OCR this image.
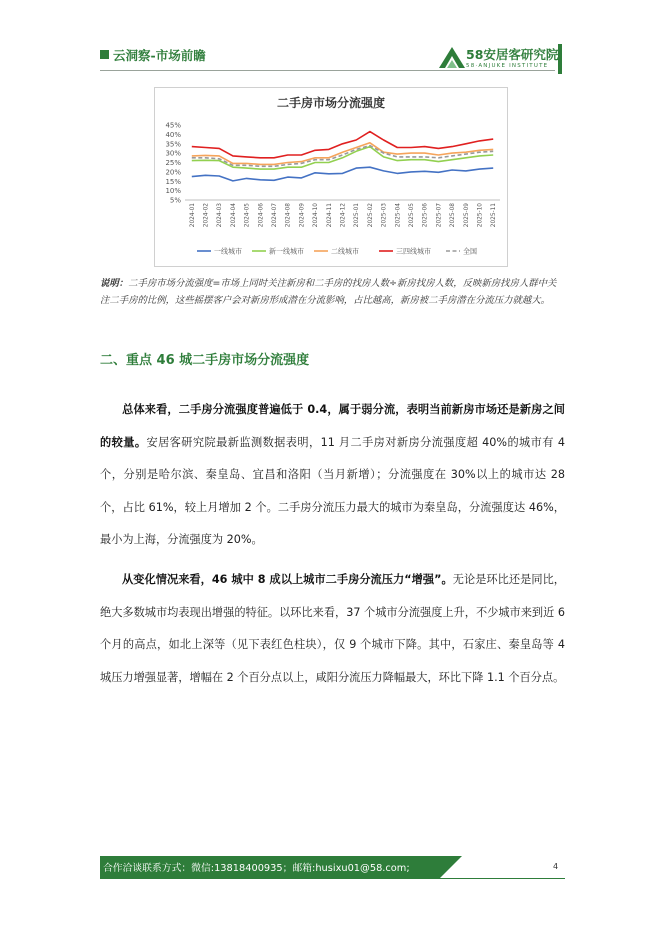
云洞察-市场前瞻	58安居客研究院
58·ANJUKE INSTITUTE
5%
10%
15%
20%
25%
30%
35%
40%
45%
2024-01 2024-02 2024-03 2024-04 2024-05 2024-06 2024-07 2024-08 2024-09 2024-10 2024-11 2024-12 2025-01 2025-02 2025-03 2025-04 2025-05 2025-06 2025-07 2025-08 2025-09 2025-10 2025-11
一线城市	新一线城市	二线城市	三四线城市	全国
二手房市场分流强度
说明：二手房市场分流强度=市场上同时关注新房和二手房的找房人数÷新房找房人数，反映新房找房人群中关注二手房的比例，这些摇摆客户会对新房形成潜在分流影响，占比越高，新房被二手房潜在分流压力就越大。
二、重点 46 城二手房市场分流强度
总体来看，二手房分流强度普遍低于 0.4，属于弱分流，表明当前新房市场还是新房之间的较量。安居客研究院最新监测数据表明，11 月二手房对新房分流强度超 40%的城市有 4 个，分别是哈尔滨、秦皇岛、宜昌和洛阳（当月新增）；分流强度在 30%以上的城市达 28 个，占比 61%，较上月增加 2 个。二手房分流压力最大的城市为秦皇岛，分流强度达 46%，最小为上海，分流强度为 20%。
从变化情况来看，46 城中 8 成以上城市二手房分流压力“增强”。无论是环比还是同比，绝大多数城市均表现出增强的特征。以环比来看，37 个城市分流强度上升，不少城市来到近 6 个月的高点，如北上深等（见下表红色柱块），仅 9 个城市下降。其中，石家庄、秦皇岛等 4 城压力增强显著，增幅在 2 个百分点以上，咸阳分流压力降幅最大，环比下降 1.1 个百分点。
合作洽谈联系方式：微信:13818400935；邮箱:husixu01@58.com;	4
